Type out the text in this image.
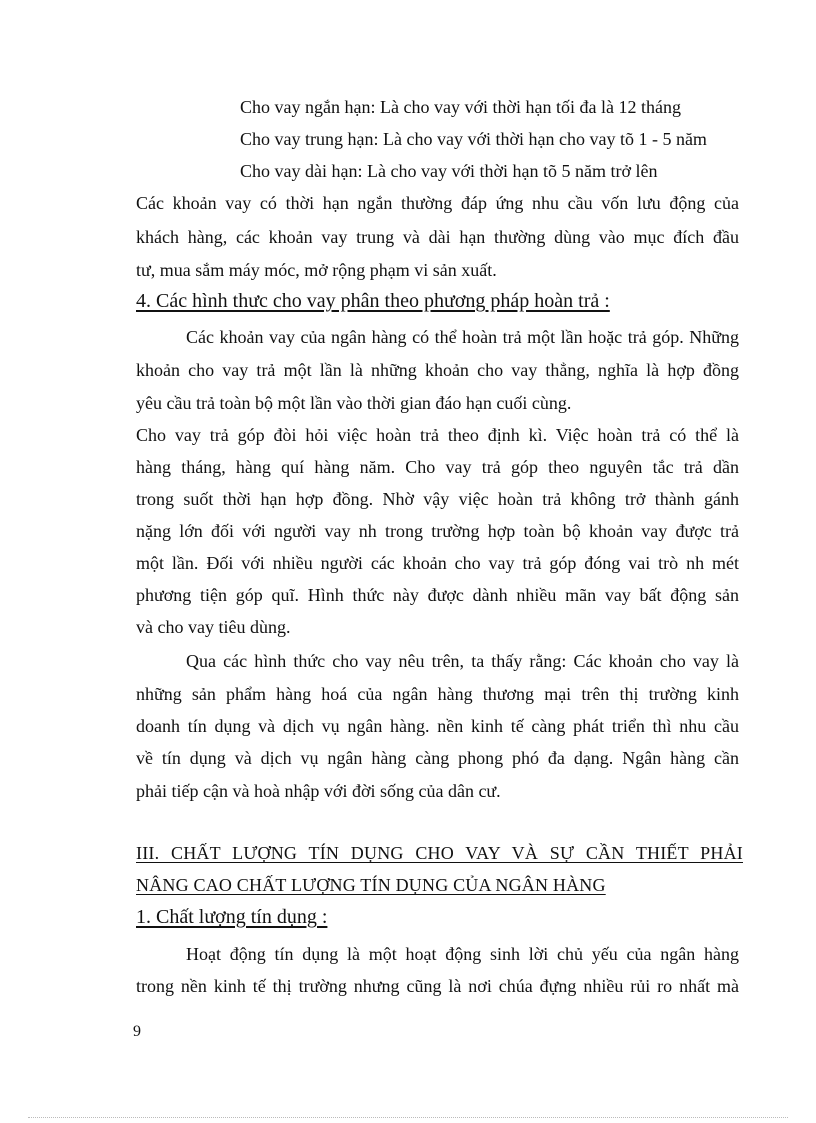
Cho vay ngắn hạn: Là cho vay với thời hạn tối đa là 12 tháng
Cho vay trung hạn: Là cho vay với thời hạn cho vay tõ 1 - 5 năm
Cho vay dài hạn: Là cho vay với thời hạn tõ 5 năm trở lên
Các khoản vay có thời hạn ngắn thường đáp ứng nhu cầu vốn lưu động của
khách hàng, các khoản vay trung và dài hạn thường dùng vào mục đích đầu
tư, mua sắm máy móc, mở rộng phạm vi sản xuất.
4. Các hình thưc cho vay phân theo phương pháp hoàn trả :
Các khoản vay của ngân hàng có thể hoàn trả một lần hoặc trả góp. Những
khoản cho vay trả một lần là những khoản cho vay thẳng, nghĩa là hợp đồng
yêu cầu trả toàn bộ một lần vào thời gian đáo hạn cuối cùng.
Cho vay trả góp đòi hỏi việc hoàn trả theo định kì. Việc hoàn trả có thể là
hàng tháng, hàng quí hàng năm. Cho vay trả góp theo nguyên tắc trả dần
trong suốt thời hạn hợp đồng. Nhờ vậy việc hoàn trả không trở thành gánh
nặng lớn đối với người vay nh trong trường hợp toàn bộ khoản vay được trả
một lần. Đối với nhiều người các khoản cho vay trả góp đóng vai trò nh mét
phương tiện góp quĩ. Hình thức này được dành nhiều mãn vay bất động sản
và cho vay tiêu dùng.
Qua các hình thức cho vay nêu trên, ta thấy rằng: Các khoản cho vay là
những sản phẩm hàng hoá của ngân hàng thương mại trên thị trường kinh
doanh tín dụng và dịch vụ ngân hàng. nền kinh tế càng phát triển thì nhu cầu
về tín dụng và dịch vụ ngân hàng càng phong phó đa dạng. Ngân hàng cần
phải tiếp cận và hoà nhập với đời sống của dân cư.
III. CHẤT LƯỢNG TÍN DỤNG CHO VAY VÀ SỰ CẦN THIẾT PHẢI
NÂNG CAO CHẤT LƯỢNG TÍN DỤNG CỦA NGÂN HÀNG
1. Chất lượng tín dụng :
Hoạt động tín dụng là một hoạt động sinh lời chủ yếu của ngân hàng
trong nền kinh tế thị trường nhưng cũng là nơi chúa đựng nhiều rủi ro nhất mà
9
